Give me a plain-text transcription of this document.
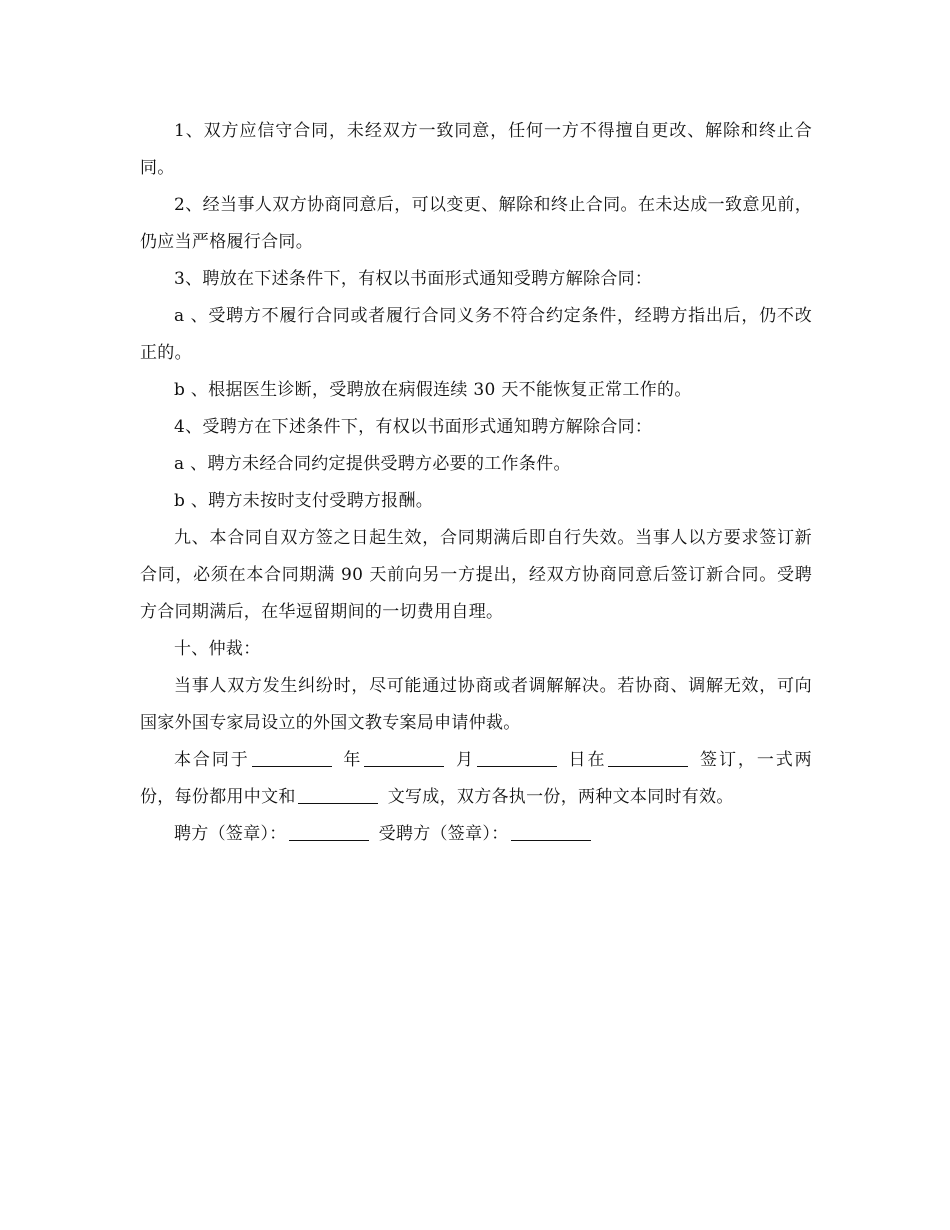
1、双方应信守合同，未经双方一致同意，任何一方不得擅自更改、解除和终止合同。

2、经当事人双方协商同意后，可以变更、解除和终止合同。在未达成一致意见前，仍应当严格履行合同。

3、聘放在下述条件下，有权以书面形式通知受聘方解除合同：

a 、受聘方不履行合同或者履行合同义务不符合约定条件，经聘方指出后，仍不改正的。

b 、根据医生诊断，受聘放在病假连续 30 天不能恢复正常工作的。

4、受聘方在下述条件下，有权以书面形式通知聘方解除合同：

a 、聘方未经合同约定提供受聘方必要的工作条件。

b 、聘方未按时支付受聘方报酬。

九、本合同自双方签之日起生效，合同期满后即自行失效。当事人以方要求签订新合同，必须在本合同期满 90 天前向另一方提出，经双方协商同意后签订新合同。受聘方合同期满后，在华逗留期间的一切费用自理。

十、仲裁：

当事人双方发生纠纷时，尽可能通过协商或者调解解决。若协商、调解无效，可向国家外国专家局设立的外国文教专案局申请仲裁。

本合同于	年	月	日在	签订，一式两份，每份都用中文和	文写成，双方各执一份，两种文本同时有效。

聘方（签章）：	受聘方（签章）：
